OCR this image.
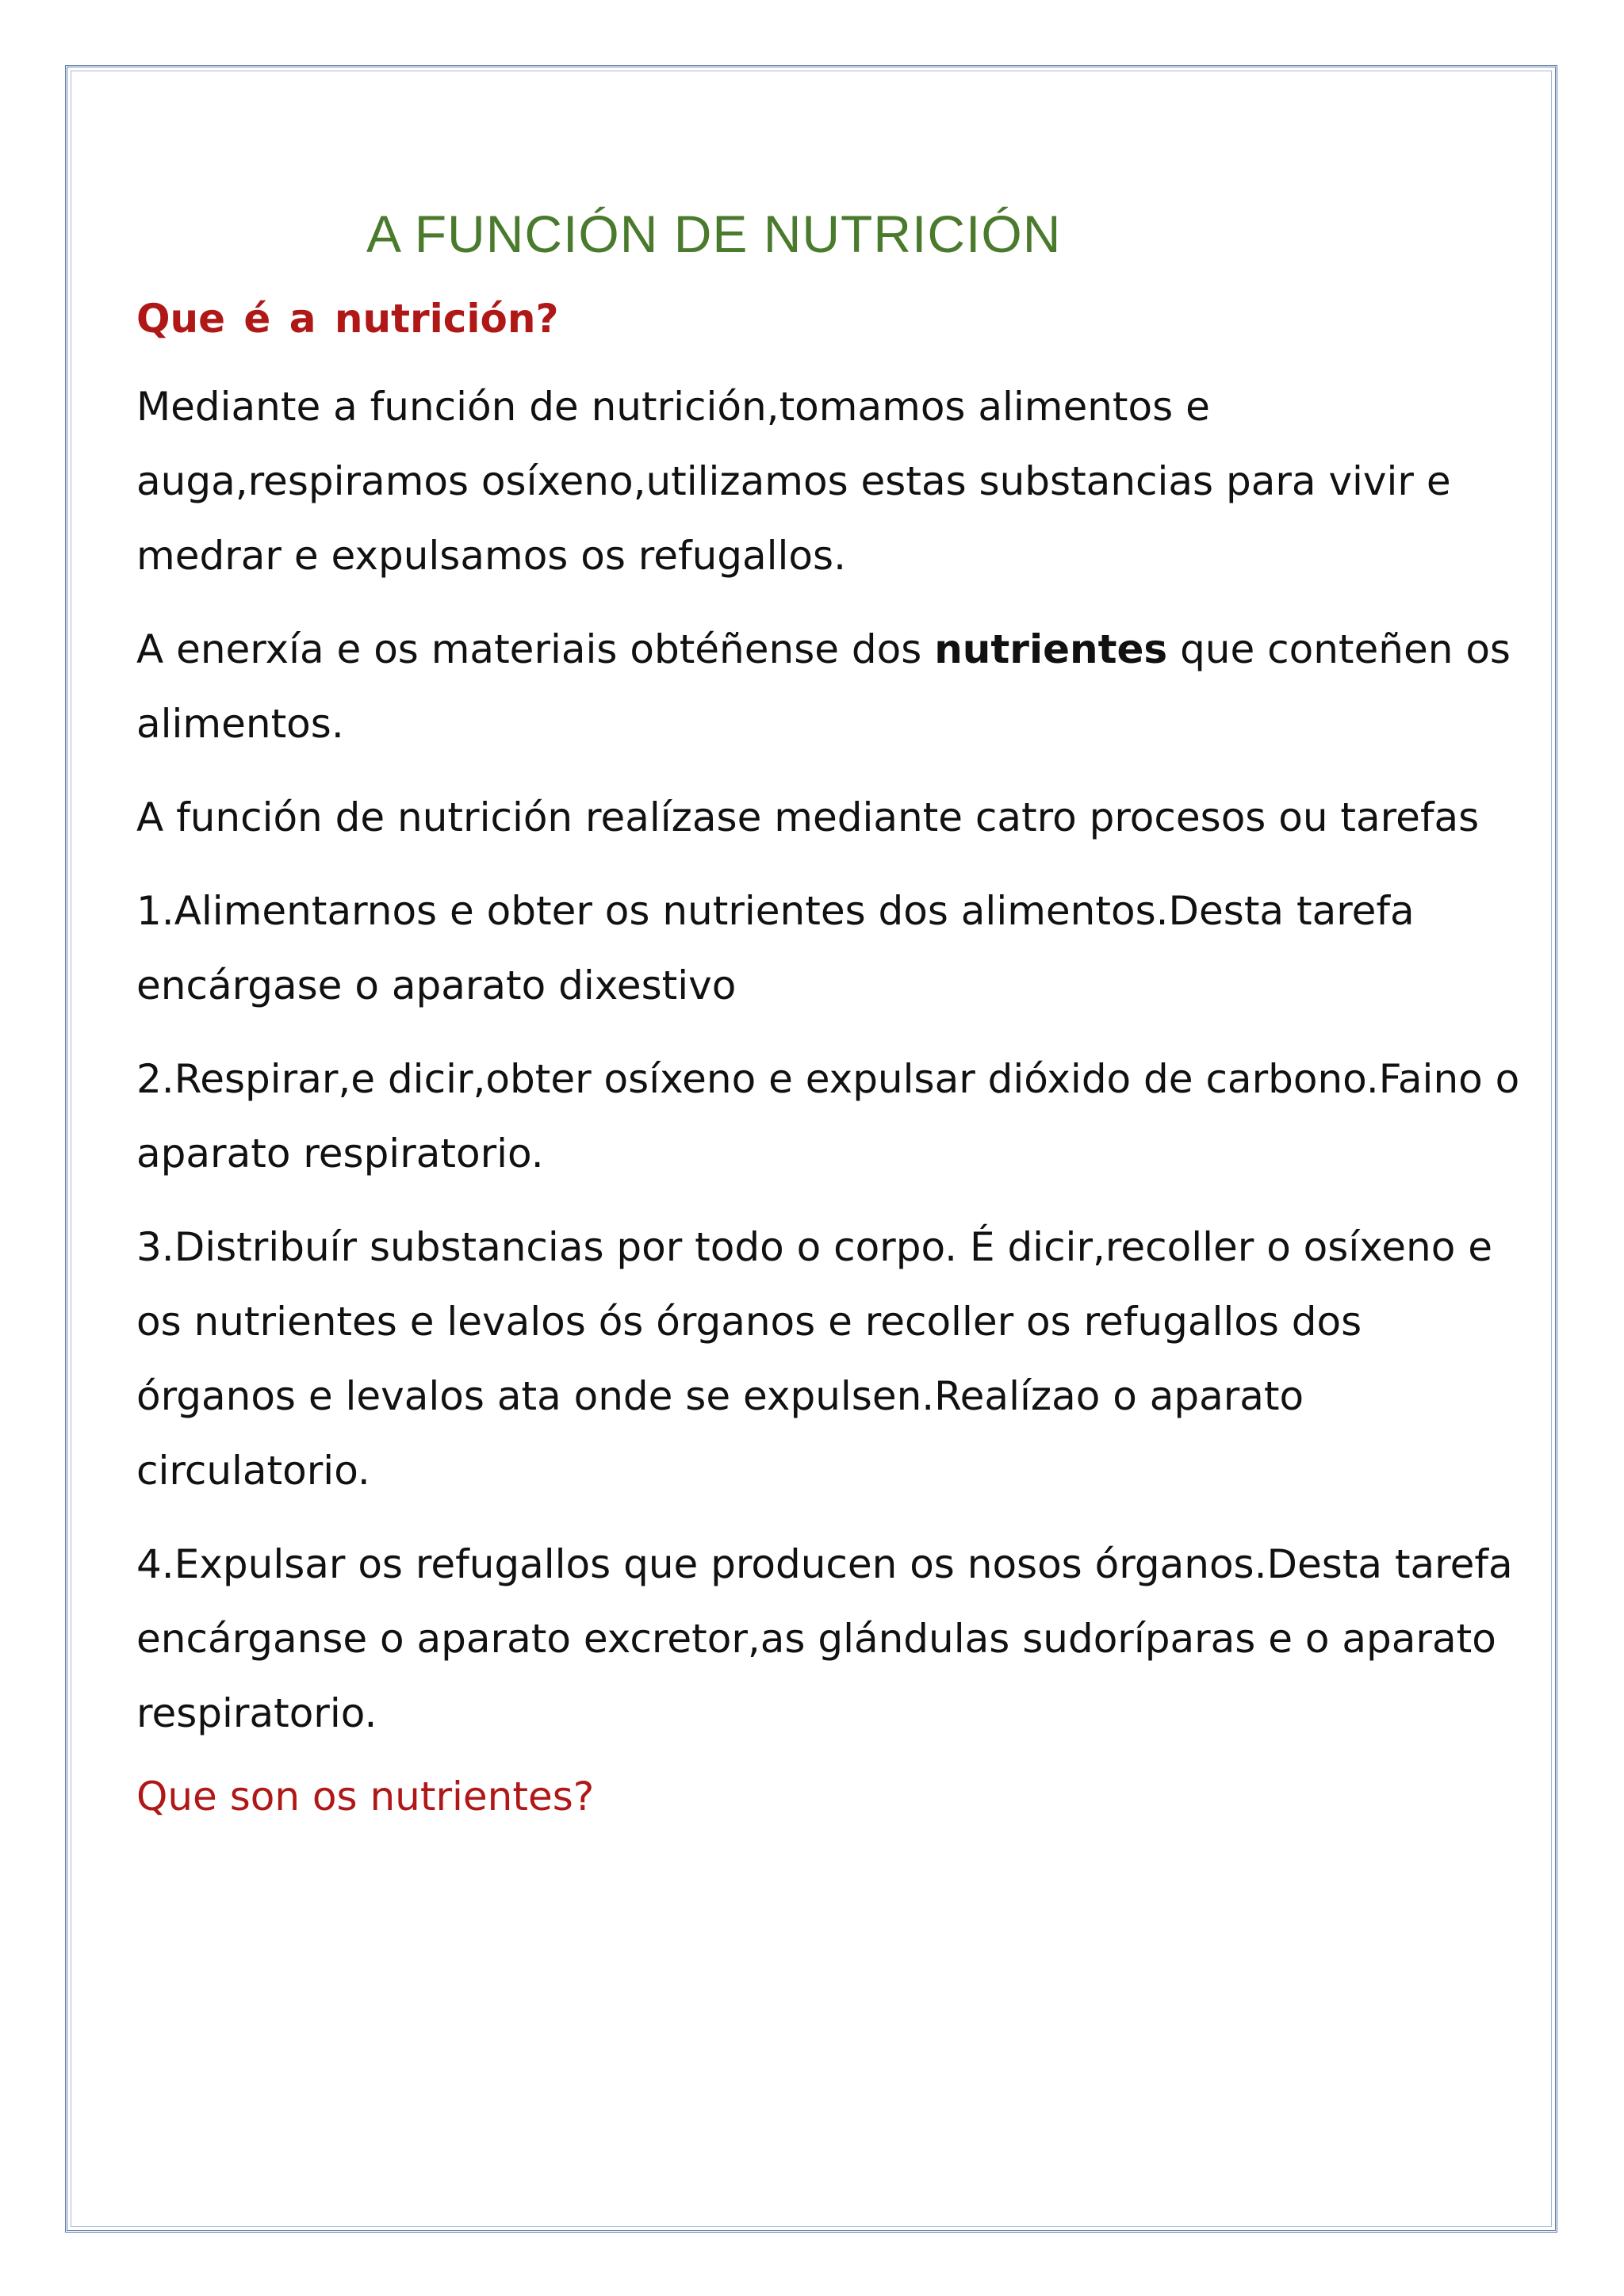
A FUNCIÓN DE NUTRICIÓN
Que é a nutrición?

Mediante a función de nutrición,tomamos alimentos e auga,respiramos osíxeno,utilizamos estas substancias para vivir e medrar e expulsamos os refugallos.

A enerxía e os materiais obtéñense dos nutrientes que conteñen os alimentos.

A función de nutrición realízase mediante catro procesos ou tarefas

1.Alimentarnos e obter os nutrientes dos alimentos.Desta tarefa encárgase o aparato dixestivo

2.Respirar,e dicir,obter osíxeno e expulsar dióxido de carbono.Faino o aparato respiratorio.

3.Distribuír substancias por todo o corpo. É dicir,recoller o osíxeno e os nutrientes e levalos ós órganos e recoller os refugallos dos órganos e levalos ata onde se expulsen.Realízao o aparato circulatorio.

4.Expulsar os refugallos que producen os nosos órganos.Desta tarefa encárganse o aparato excretor,as glándulas sudoríparas e o aparato respiratorio.

Que son os nutrientes?
